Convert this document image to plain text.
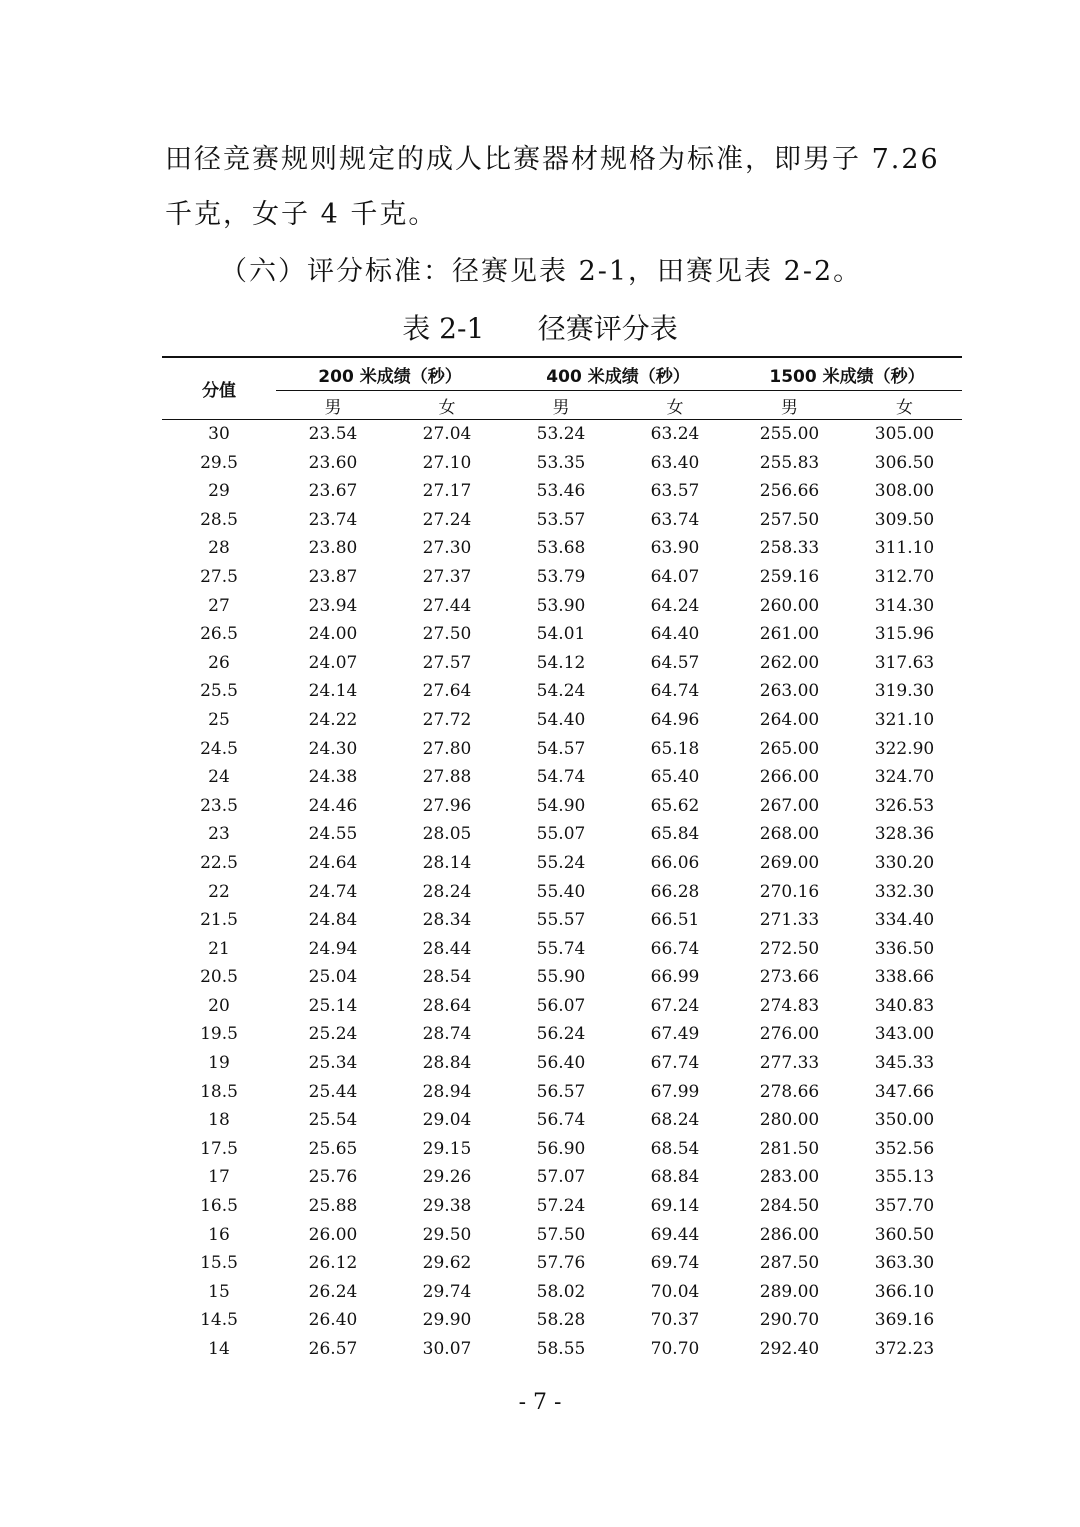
田径竞赛规则规定的成人比赛器材规格为标准，即男子 7.26

千克，女子 4 千克。

（六）评分标准：径赛见表 2-1，田赛见表 2-2。

表 2-1 径赛评分表
分值	200 米成绩（秒）		400 米成绩（秒）		1500 米成绩（秒）	
	男	女	男	女	男	女
30	23.54	27.04	53.24	63.24	255.00	305.00
29.5	23.60	27.10	53.35	63.40	255.83	306.50
29	23.67	27.17	53.46	63.57	256.66	308.00
28.5	23.74	27.24	53.57	63.74	257.50	309.50
28	23.80	27.30	53.68	63.90	258.33	311.10
27.5	23.87	27.37	53.79	64.07	259.16	312.70
27	23.94	27.44	53.90	64.24	260.00	314.30
26.5	24.00	27.50	54.01	64.40	261.00	315.96
26	24.07	27.57	54.12	64.57	262.00	317.63
25.5	24.14	27.64	54.24	64.74	263.00	319.30
25	24.22	27.72	54.40	64.96	264.00	321.10
24.5	24.30	27.80	54.57	65.18	265.00	322.90
24	24.38	27.88	54.74	65.40	266.00	324.70
23.5	24.46	27.96	54.90	65.62	267.00	326.53
23	24.55	28.05	55.07	65.84	268.00	328.36
22.5	24.64	28.14	55.24	66.06	269.00	330.20
22	24.74	28.24	55.40	66.28	270.16	332.30
21.5	24.84	28.34	55.57	66.51	271.33	334.40
21	24.94	28.44	55.74	66.74	272.50	336.50
20.5	25.04	28.54	55.90	66.99	273.66	338.66
20	25.14	28.64	56.07	67.24	274.83	340.83
19.5	25.24	28.74	56.24	67.49	276.00	343.00
19	25.34	28.84	56.40	67.74	277.33	345.33
18.5	25.44	28.94	56.57	67.99	278.66	347.66
18	25.54	29.04	56.74	68.24	280.00	350.00
17.5	25.65	29.15	56.90	68.54	281.50	352.56
17	25.76	29.26	57.07	68.84	283.00	355.13
16.5	25.88	29.38	57.24	69.14	284.50	357.70
16	26.00	29.50	57.50	69.44	286.00	360.50
15.5	26.12	29.62	57.76	69.74	287.50	363.30
15	26.24	29.74	58.02	70.04	289.00	366.10
14.5	26.40	29.90	58.28	70.37	290.70	369.16
14	26.57	30.07	58.55	70.70	292.40	372.23
- 7 -
